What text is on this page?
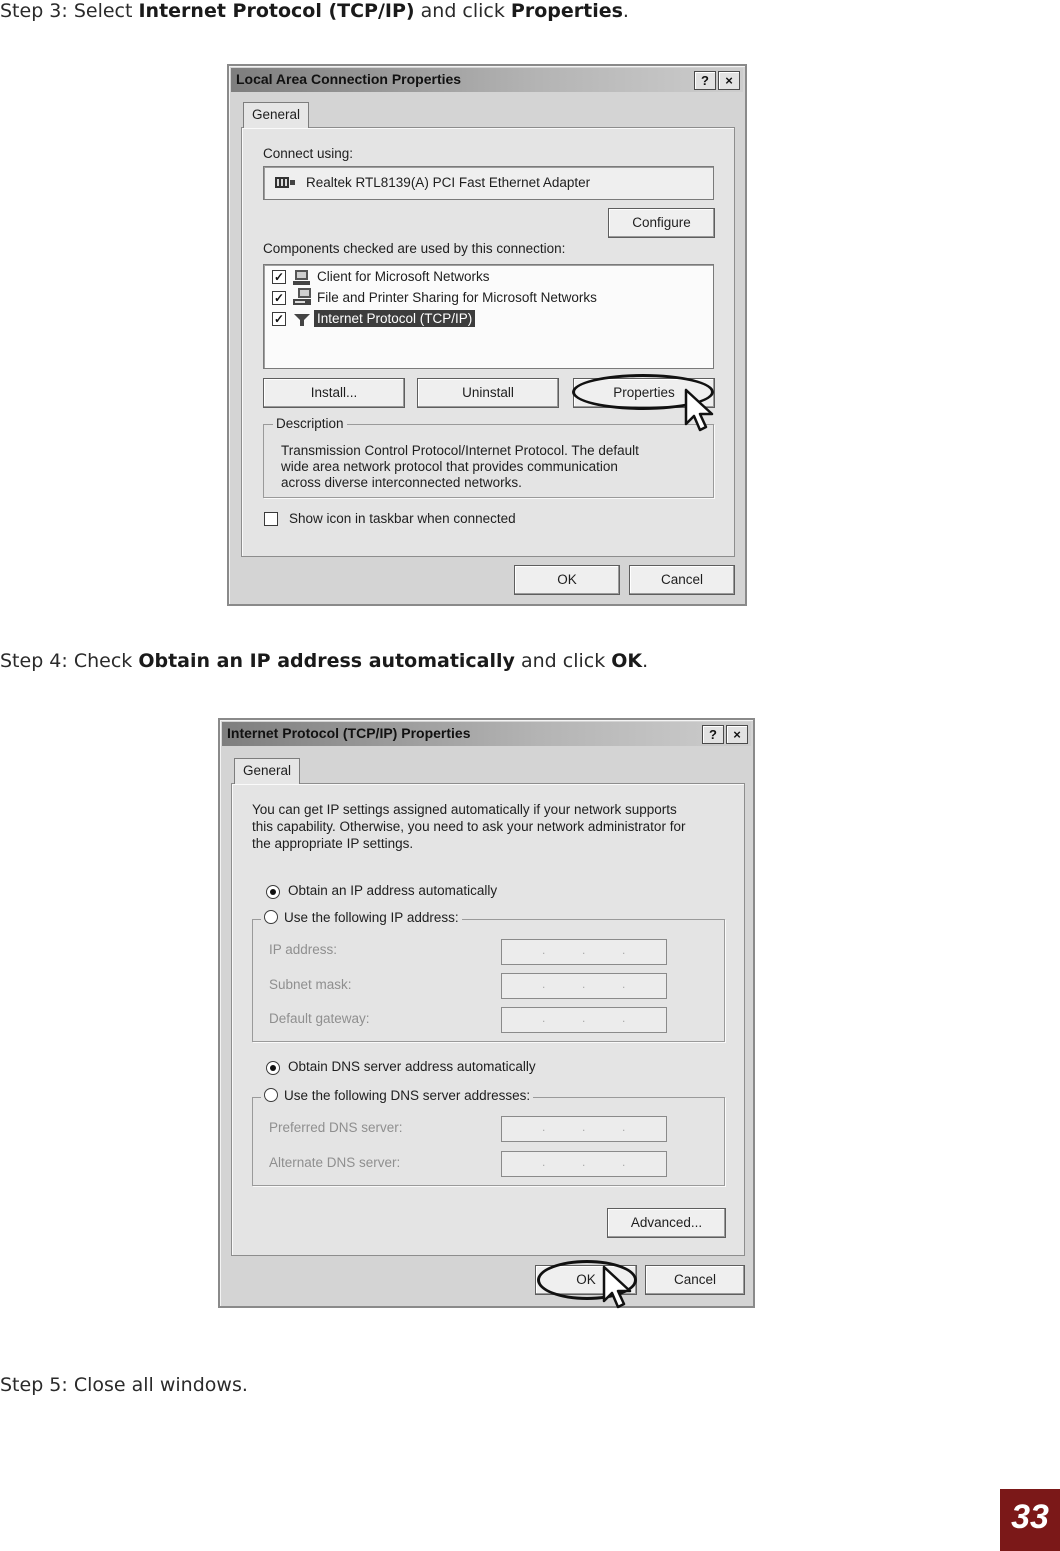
Step 3: Select Internet Protocol (TCP/IP) and click Properties.
Local Area Connection Properties	?	×
General
Connect using:
Realtek RTL8139(A) PCI Fast Ethernet Adapter
Configure
Components checked are used by this connection:
✓ Client for Microsoft Networks
✓ File and Printer Sharing for Microsoft Networks
✓ Internet Protocol (TCP/IP)
Install...	Uninstall	Properties
Description
Transmission Control Protocol/Internet Protocol. The default
wide area network protocol that provides communication
across diverse interconnected networks.
Show icon in taskbar when connected
OK	Cancel
Step 4: Check Obtain an IP address automatically and click OK.
Internet Protocol (TCP/IP) Properties	?	×
General
You can get IP settings assigned automatically if your network supports
this capability. Otherwise, you need to ask your network administrator for
the appropriate IP settings.
Obtain an IP address automatically
Use the following IP address:
IP address:	.	.	.
Subnet mask:	.	.	.
Default gateway:	.	.	.
Obtain DNS server address automatically
Use the following DNS server addresses:
Preferred DNS server:	.	.	.
Alternate DNS server:	.	.	.
Advanced...
OK	Cancel
Step 5: Close all windows.
33
